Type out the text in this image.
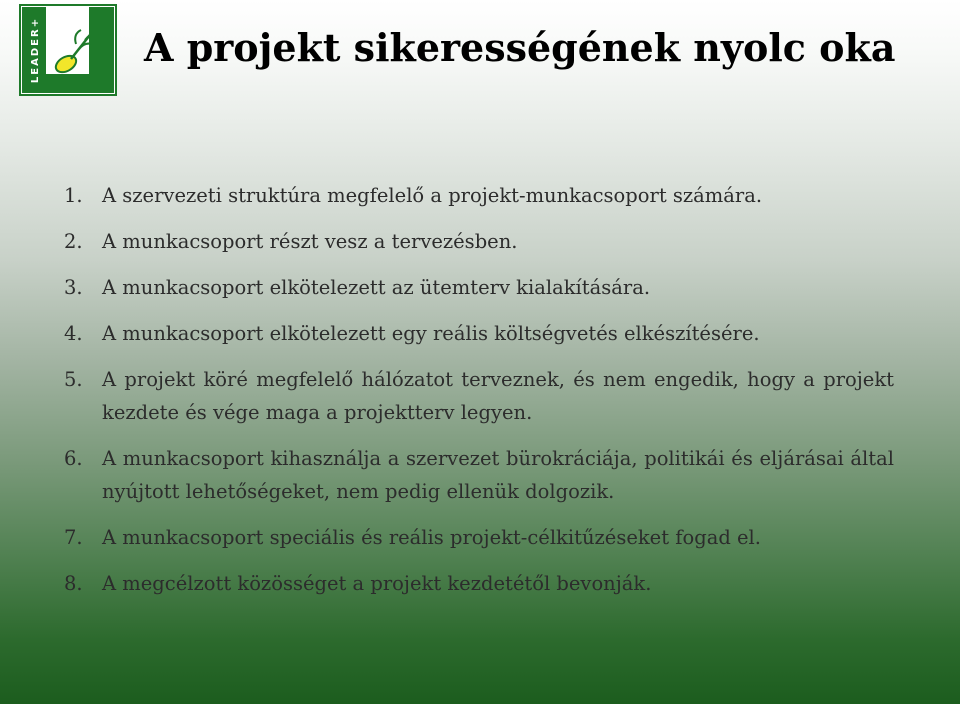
LEADER+	A projekt sikerességének nyolc oka
1. A szervezeti struktúra megfelelő a projekt-munkacsoport számára.
2. A munkacsoport részt vesz a tervezésben.
3. A munkacsoport elkötelezett az ütemterv kialakítására.
4. A munkacsoport elkötelezett egy reális költségvetés elkészítésére.
5. A projekt köré megfelelő hálózatot terveznek, és nem engedik, hogy a projekt kezdete és vége maga a projektterv legyen.
6. A munkacsoport kihasználja a szervezet bürokráciája, politikái és eljárásai által nyújtott lehetőségeket, nem pedig ellenük dolgozik.
7. A munkacsoport speciális és reális projekt-célkitűzéseket fogad el.
8. A megcélzott közösséget a projekt kezdetétől bevonják.
